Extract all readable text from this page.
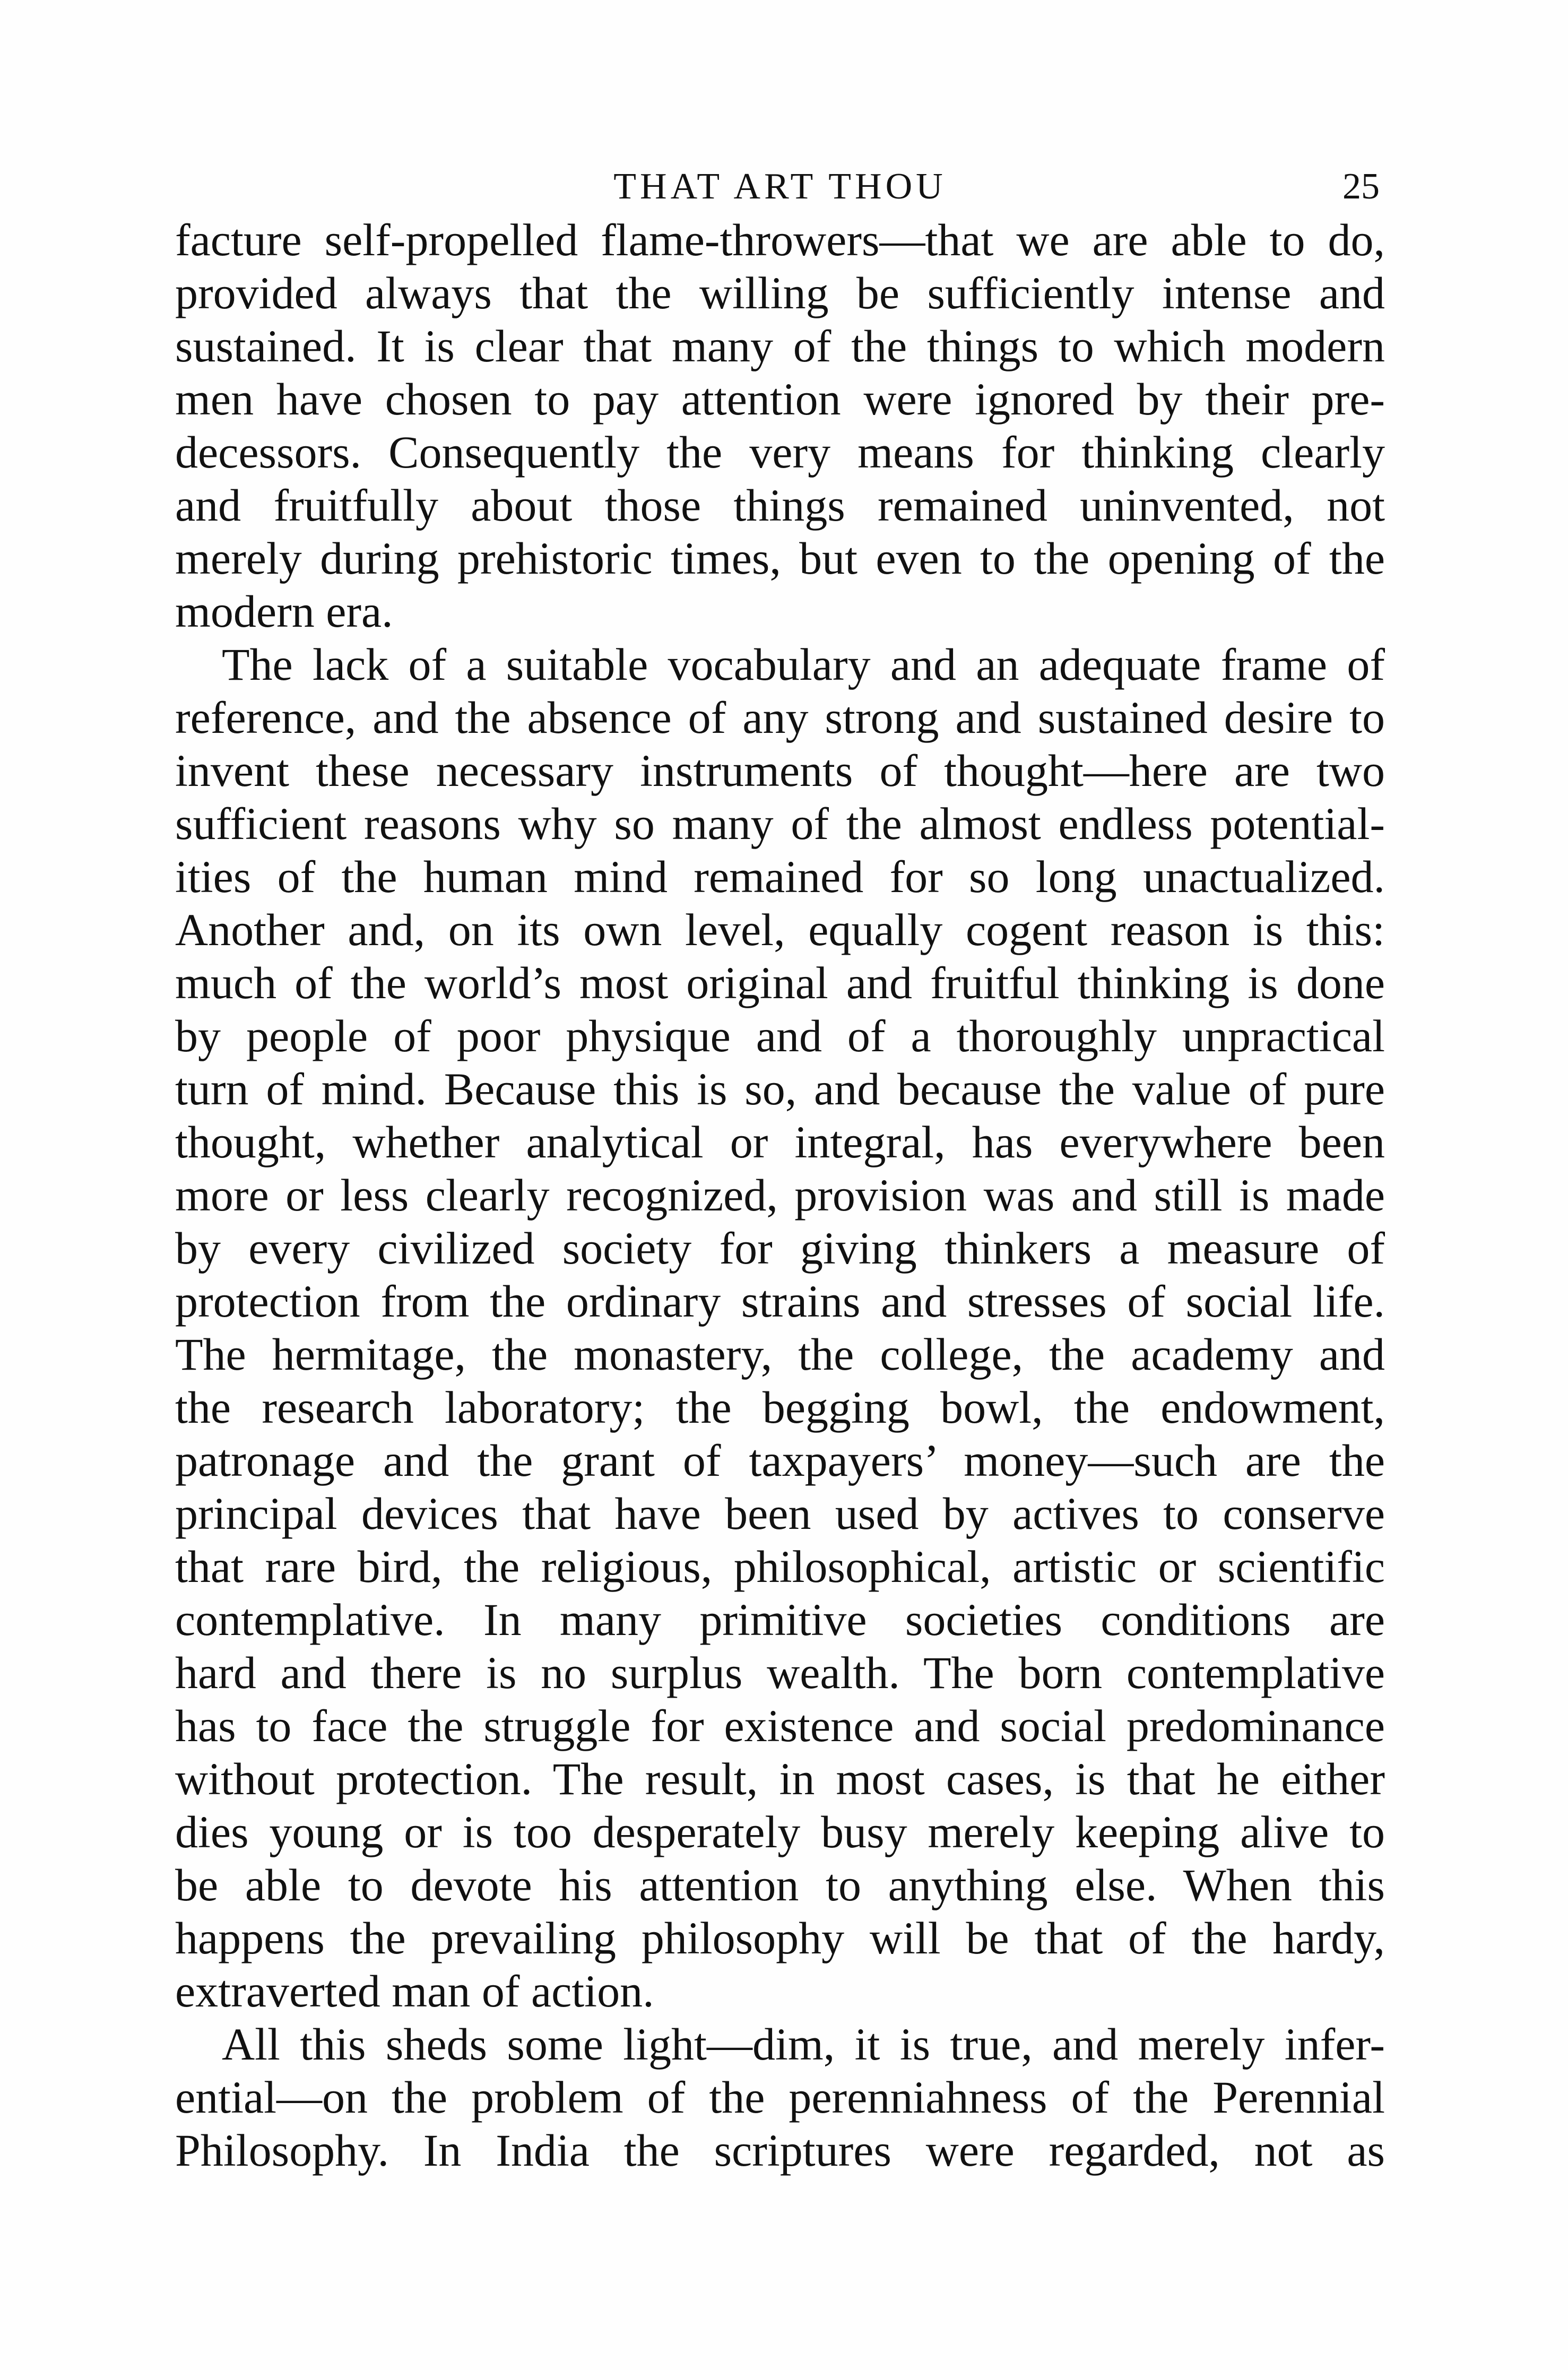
THAT ART THOU	25
facture self-propelled flame-throwers—that we are able to do,
provided always that the willing be sufficiently intense and
sustained. It is clear that many of the things to which modern
men have chosen to pay attention were ignored by their pre-
decessors. Consequently the very means for thinking clearly
and fruitfully about those things remained uninvented, not
merely during prehistoric times, but even to the opening of the
modern era.
The lack of a suitable vocabulary and an adequate frame of
reference, and the absence of any strong and sustained desire to
invent these necessary instruments of thought—here are two
sufficient reasons why so many of the almost endless potential-
ities of the human mind remained for so long unactualized.
Another and, on its own level, equally cogent reason is this:
much of the world’s most original and fruitful thinking is done
by people of poor physique and of a thoroughly unpractical
turn of mind. Because this is so, and because the value of pure
thought, whether analytical or integral, has everywhere been
more or less clearly recognized, provision was and still is made
by every civilized society for giving thinkers a measure of
protection from the ordinary strains and stresses of social life.
The hermitage, the monastery, the college, the academy and
the research laboratory; the begging bowl, the endowment,
patronage and the grant of taxpayers’ money—such are the
principal devices that have been used by actives to conserve
that rare bird, the religious, philosophical, artistic or scientific
contemplative. In many primitive societies conditions are
hard and there is no surplus wealth. The born contemplative
has to face the struggle for existence and social predominance
without protection. The result, in most cases, is that he either
dies young or is too desperately busy merely keeping alive to
be able to devote his attention to anything else. When this
happens the prevailing philosophy will be that of the hardy,
extraverted man of action.
All this sheds some light—dim, it is true, and merely infer-
ential—on the problem of the perenniahness of the Perennial
Philosophy. In India the scriptures were regarded, not as
